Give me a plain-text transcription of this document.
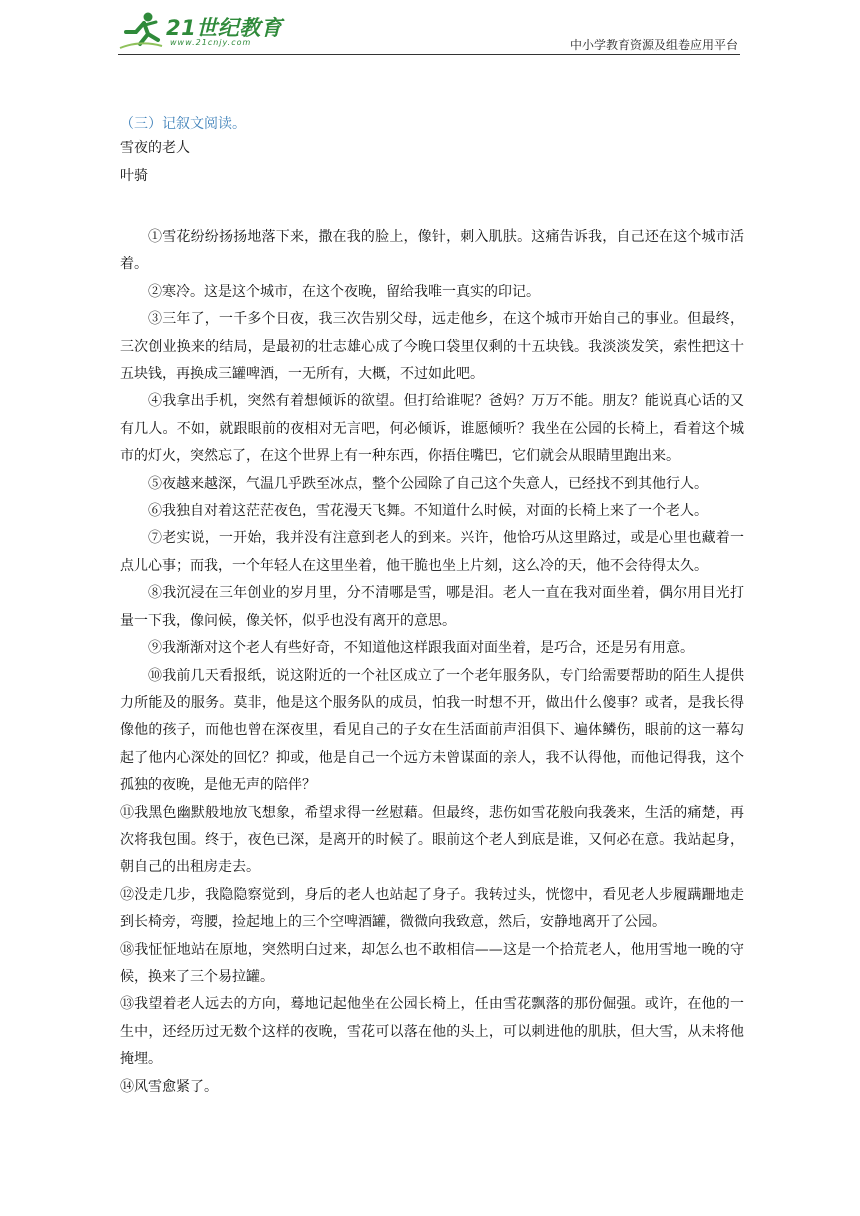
21世纪教育
www.21cnjy.com	中小学教育资源及组卷应用平台
（三）记叙文阅读。
雪夜的老人
叶骑

①雪花纷纷扬扬地落下来，撒在我的脸上，像针，刺入肌肤。这痛告诉我，自己还在这个城市活着。

②寒冷。这是这个城市，在这个夜晚，留给我唯一真实的印记。

③三年了，一千多个日夜，我三次告别父母，远走他乡，在这个城市开始自己的事业。但最终，三次创业换来的结局，是最初的壮志雄心成了今晚口袋里仅剩的十五块钱。我淡淡发笑，索性把这十五块钱，再换成三罐啤酒，一无所有，大概，不过如此吧。

④我拿出手机，突然有着想倾诉的欲望。但打给谁呢？爸妈？万万不能。朋友？能说真心话的又有几人。不如，就跟眼前的夜相对无言吧，何必倾诉，谁愿倾听？我坐在公园的长椅上，看着这个城市的灯火，突然忘了，在这个世界上有一种东西，你捂住嘴巴，它们就会从眼睛里跑出来。

⑤夜越来越深，气温几乎跌至冰点，整个公园除了自己这个失意人，已经找不到其他行人。

⑥我独自对着这茫茫夜色，雪花漫天飞舞。不知道什么时候，对面的长椅上来了一个老人。

⑦老实说，一开始，我并没有注意到老人的到来。兴许，他恰巧从这里路过，或是心里也藏着一点儿心事；而我，一个年轻人在这里坐着，他干脆也坐上片刻，这么冷的天，他不会待得太久。

⑧我沉浸在三年创业的岁月里，分不清哪是雪，哪是泪。老人一直在我对面坐着，偶尔用目光打量一下我，像问候，像关怀，似乎也没有离开的意思。

⑨我渐渐对这个老人有些好奇，不知道他这样跟我面对面坐着，是巧合，还是另有用意。

⑩我前几天看报纸，说这附近的一个社区成立了一个老年服务队，专门给需要帮助的陌生人提供力所能及的服务。莫非，他是这个服务队的成员，怕我一时想不开，做出什么傻事？或者，是我长得像他的孩子，而他也曾在深夜里，看见自己的子女在生活面前声泪俱下、遍体鳞伤，眼前的这一幕勾起了他内心深处的回忆？抑或，他是自己一个远方未曾谋面的亲人，我不认得他，而他记得我，这个孤独的夜晚，是他无声的陪伴？

⑪我黑色幽默般地放飞想象，希望求得一丝慰藉。但最终，悲伤如雪花般向我袭来，生活的痛楚，再次将我包围。终于，夜色已深，是离开的时候了。眼前这个老人到底是谁，又何必在意。我站起身，朝自己的出租房走去。

⑫没走几步，我隐隐察觉到，身后的老人也站起了身子。我转过头，恍惚中，看见老人步履蹒跚地走到长椅旁，弯腰，捡起地上的三个空啤酒罐，微微向我致意，然后，安静地离开了公园。

⑱我怔怔地站在原地，突然明白过来，却怎么也不敢相信——这是一个拾荒老人，他用雪地一晚的守候，换来了三个易拉罐。

⑬我望着老人远去的方向，蓦地记起他坐在公园长椅上，任由雪花飘落的那份倔强。或许，在他的一生中，还经历过无数个这样的夜晚，雪花可以落在他的头上，可以刺进他的肌肤，但大雪，从未将他掩埋。

⑭风雪愈紧了。
